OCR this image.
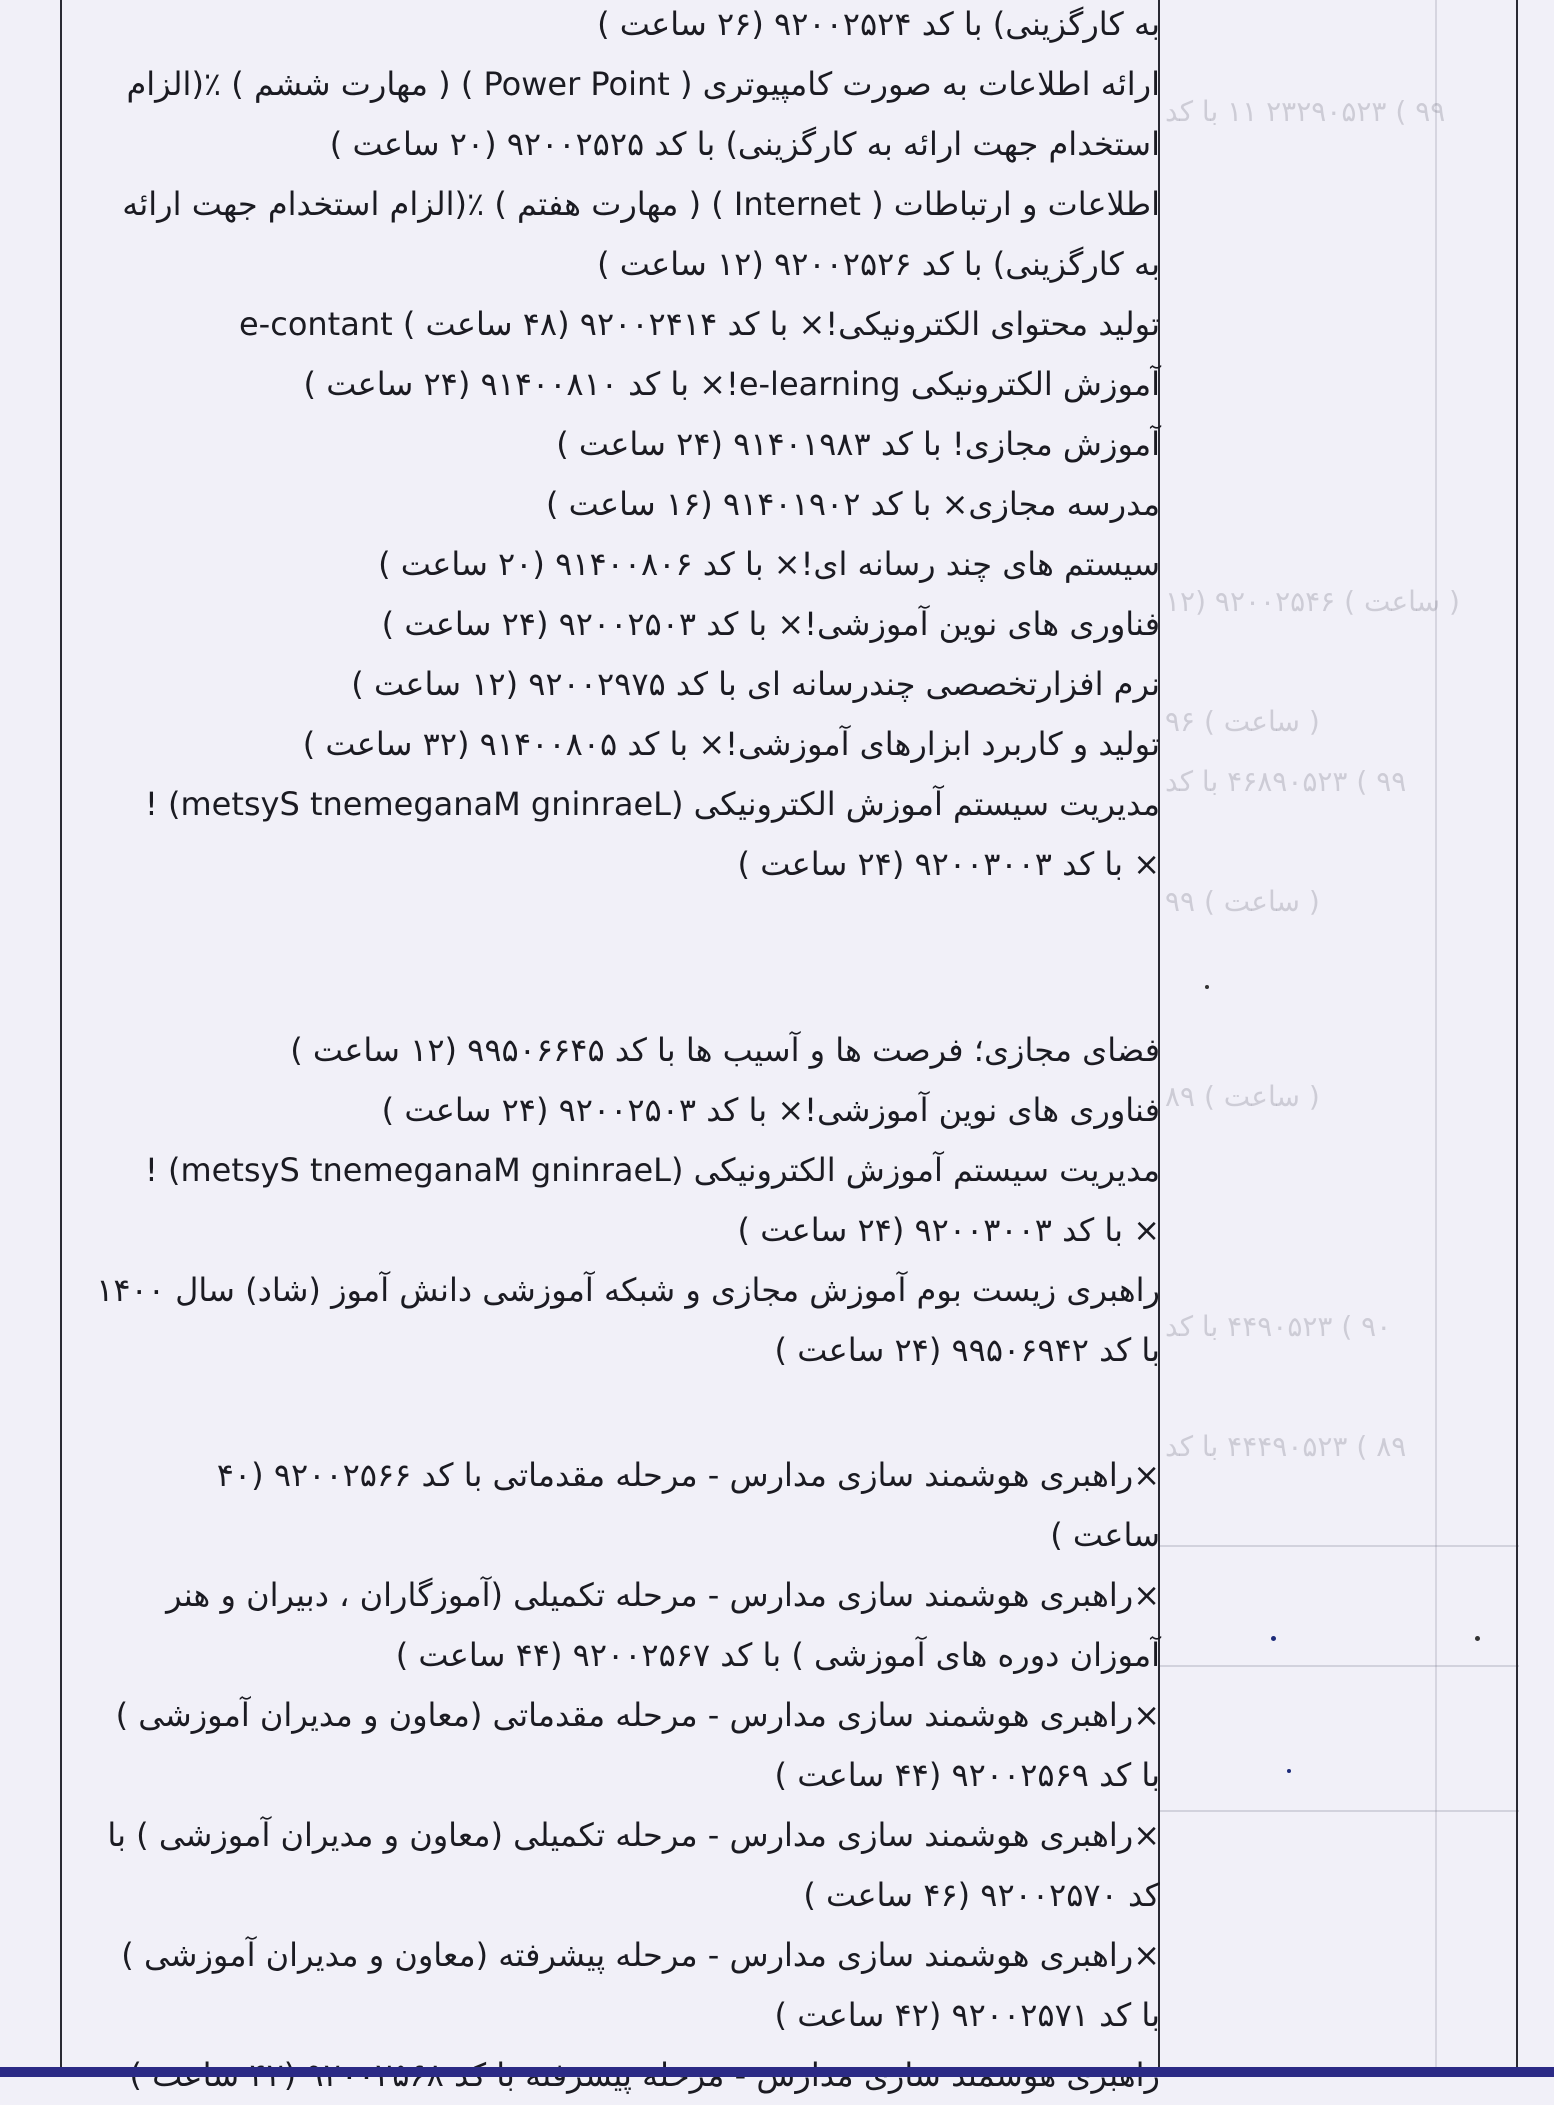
۹۹ ) ۲۳۲۹۰۵۲۳ ۱۱ با کد
( ساعت ) ۹۲۰۰۲۵۴۶ (۱۲
( ساعت ) ۹۶
۹۹ ) ۴۶۸۹۰۵۲۳ با کد
( ساعت ) ۹۹
( ساعت ) ۸۹
۹۰ ) ۴۴۹۰۵۲۳ با کد
۸۹ ) ۴۴۴۹۰۵۲۳ با کد
به کارگزینی) با کد ۹۲۰۰۲۵۲۴ (۲۶ ساعت )
ارائه اطلاعات به صورت کامپیوتری ( Power Point ) ( مهارت ششم ) ٪(الزام
استخدام جهت ارائه به کارگزینی) با کد ۹۲۰۰۲۵۲۵ (۲۰ ساعت )
اطلاعات و ارتباطات ( Internet ) ( مهارت هفتم ) ٪(الزام استخدام جهت ارائه
به کارگزینی) با کد ۹۲۰۰۲۵۲۶ (۱۲ ساعت )
e-contant تولید محتوای الکترونیکی!× با کد ۹۲۰۰۲۴۱۴ (۴۸ ساعت )
آموزش الکترونیکی e-learning!× با کد ۹۱۴۰۰۸۱۰ (۲۴ ساعت )
آموزش مجازی! با کد ۹۱۴۰۱۹۸۳ (۲۴ ساعت )
مدرسه مجازی× با کد ۹۱۴۰۱۹۰۲ (۱۶ ساعت )
سیستم های چند رسانه ای!× با کد ۹۱۴۰۰۸۰۶ (۲۰ ساعت )
فناوری های نوین آموزشی!× با کد ۹۲۰۰۲۵۰۳ (۲۴ ساعت )
نرم افزارتخصصی چندرسانه ای با کد ۹۲۰۰۲۹۷۵ (۱۲ ساعت )
تولید و کاربرد ابزارهای آموزشی!× با کد ۹۱۴۰۰۸۰۵ (۳۲ ساعت )
مدیریت سیستم آموزش الکترونیکی (metsyS tnemeganaM gninraeL) !
× با کد ۹۲۰۰۳۰۰۳ (۲۴ ساعت )
فضای مجازی؛ فرصت ها و آسیب ها با کد ۹۹۵۰۶۶۴۵ (۱۲ ساعت )
فناوری های نوین آموزشی!× با کد ۹۲۰۰۲۵۰۳ (۲۴ ساعت )
مدیریت سیستم آموزش الکترونیکی (metsyS tnemeganaM gninraeL) !
× با کد ۹۲۰۰۳۰۰۳ (۲۴ ساعت )
راهبری زیست بوم آموزش مجازی و شبکه آموزشی دانش آموز (شاد) سال ۱۴۰۰
با کد ۹۹۵۰۶۹۴۲ (۲۴ ساعت )
×راهبری هوشمند سازی مدارس - مرحله مقدماتی با کد ۹۲۰۰۲۵۶۶ (۴۰
ساعت )
×راهبری هوشمند سازی مدارس - مرحله تکمیلی (آموزگاران ، دبیران و هنر
آموزان دوره های آموزشی ) با کد ۹۲۰۰۲۵۶۷ (۴۴ ساعت )
×راهبری هوشمند سازی مدارس - مرحله مقدماتی (معاون و مدیران آموزشی )
با کد ۹۲۰۰۲۵۶۹ (۴۴ ساعت )
×راهبری هوشمند سازی مدارس - مرحله تکمیلی (معاون و مدیران آموزشی ) با
کد ۹۲۰۰۲۵۷۰ (۴۶ ساعت )
×راهبری هوشمند سازی مدارس - مرحله پیشرفته (معاون و مدیران آموزشی )
با کد ۹۲۰۰۲۵۷۱ (۴۲ ساعت )
